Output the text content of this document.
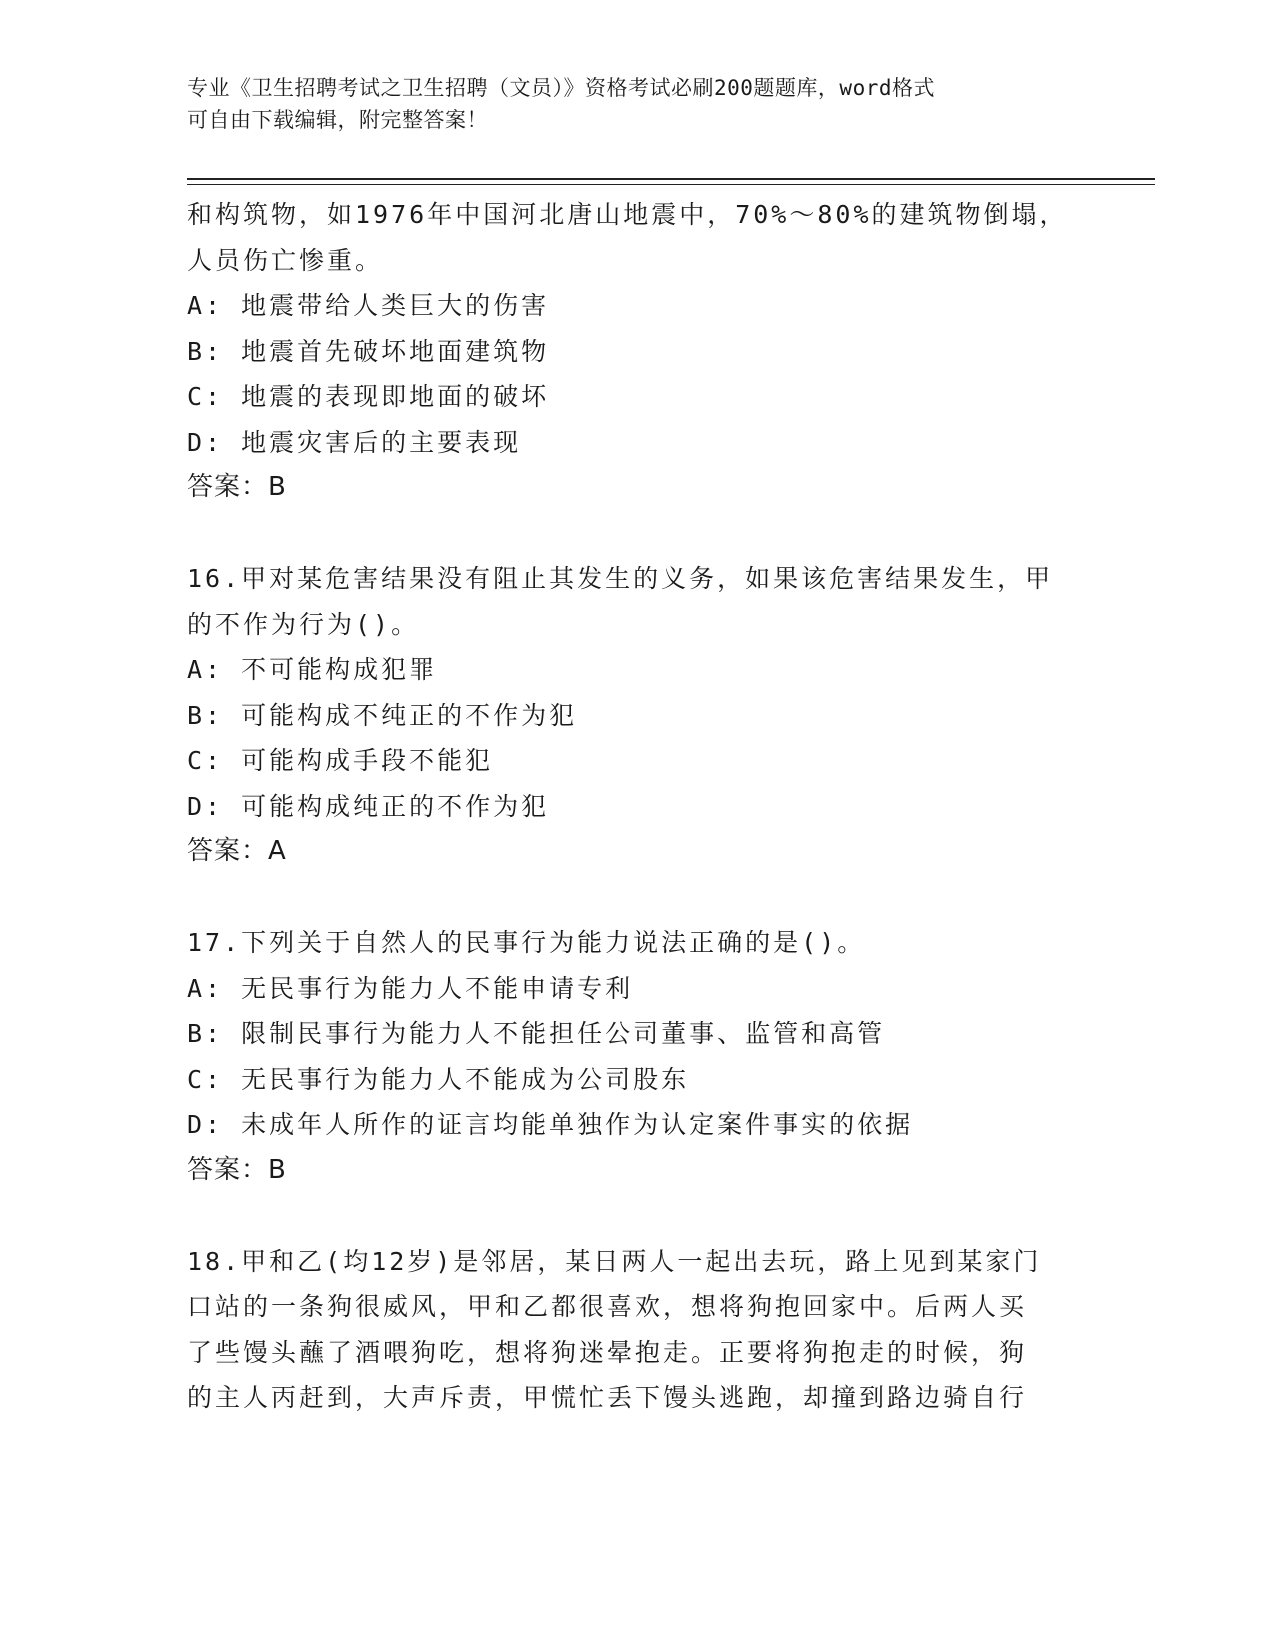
专业《卫生招聘考试之卫生招聘（文员）》资格考试必刷200题题库，word格式
可自由下载编辑，附完整答案！
和构筑物，如1976年中国河北唐山地震中，70%～80%的建筑物倒塌，
人员伤亡惨重。
A: 地震带给人类巨大的伤害
B: 地震首先破坏地面建筑物
C: 地震的表现即地面的破坏
D: 地震灾害后的主要表现
答案：B
16.甲对某危害结果没有阻止其发生的义务，如果该危害结果发生，甲
的不作为行为()。
A: 不可能构成犯罪
B: 可能构成不纯正的不作为犯
C: 可能构成手段不能犯
D: 可能构成纯正的不作为犯
答案：A
17.下列关于自然人的民事行为能力说法正确的是()。
A: 无民事行为能力人不能申请专利
B: 限制民事行为能力人不能担任公司董事、监管和高管
C: 无民事行为能力人不能成为公司股东
D: 未成年人所作的证言均能单独作为认定案件事实的依据
答案：B
18.甲和乙(均12岁)是邻居，某日两人一起出去玩，路上见到某家门
口站的一条狗很威风，甲和乙都很喜欢，想将狗抱回家中。后两人买
了些馒头蘸了酒喂狗吃，想将狗迷晕抱走。正要将狗抱走的时候，狗
的主人丙赶到，大声斥责，甲慌忙丢下馒头逃跑，却撞到路边骑自行
